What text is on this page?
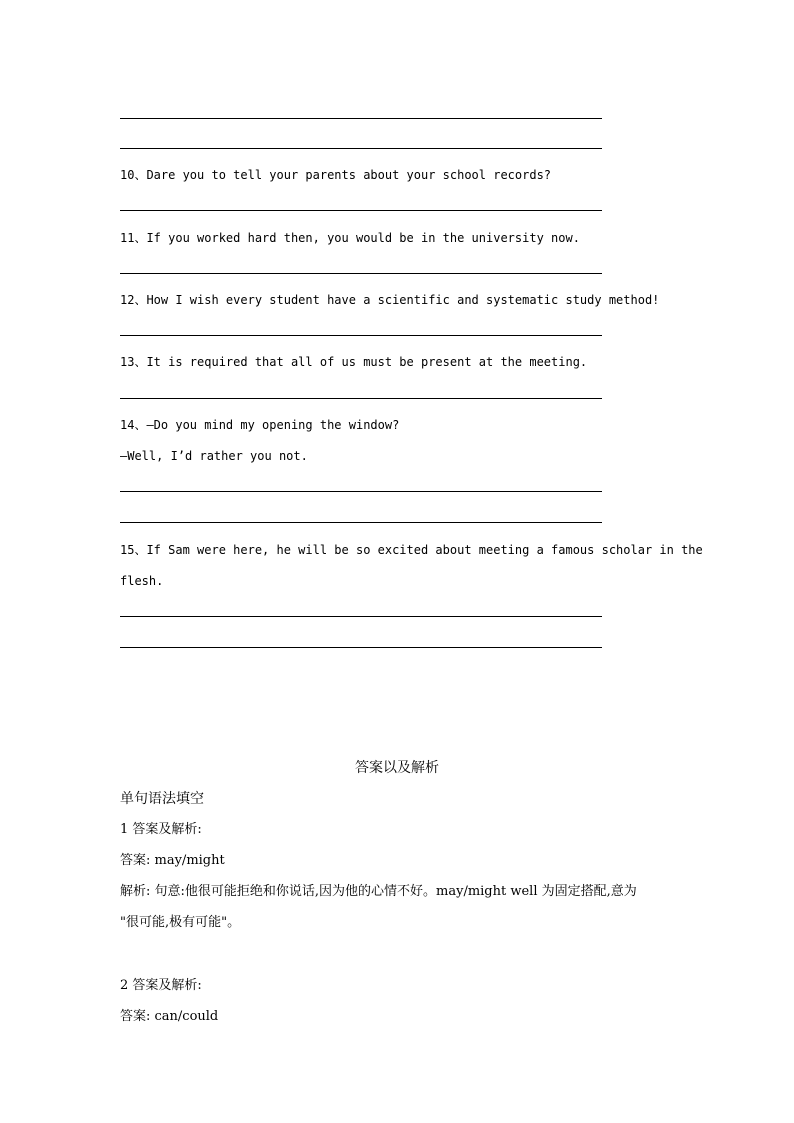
10、Dare you to tell your parents about your school records?
11、If you worked hard then, you would be in the university now.
12、How I wish every student have a scientific and systematic study method!
13、It is required that all of us must be present at the meeting.
14、—Do you mind my opening the window?
—Well, I’d rather you not.
15、If Sam were here, he will be so excited about meeting a famous scholar in the
flesh.
答案以及解析
单句语法填空
1 答案及解析:
答案: may/might
解析: 句意:他很可能拒绝和你说话,因为他的心情不好。may/might well 为固定搭配,意为
"很可能,极有可能"。
2 答案及解析:
答案: can/could
